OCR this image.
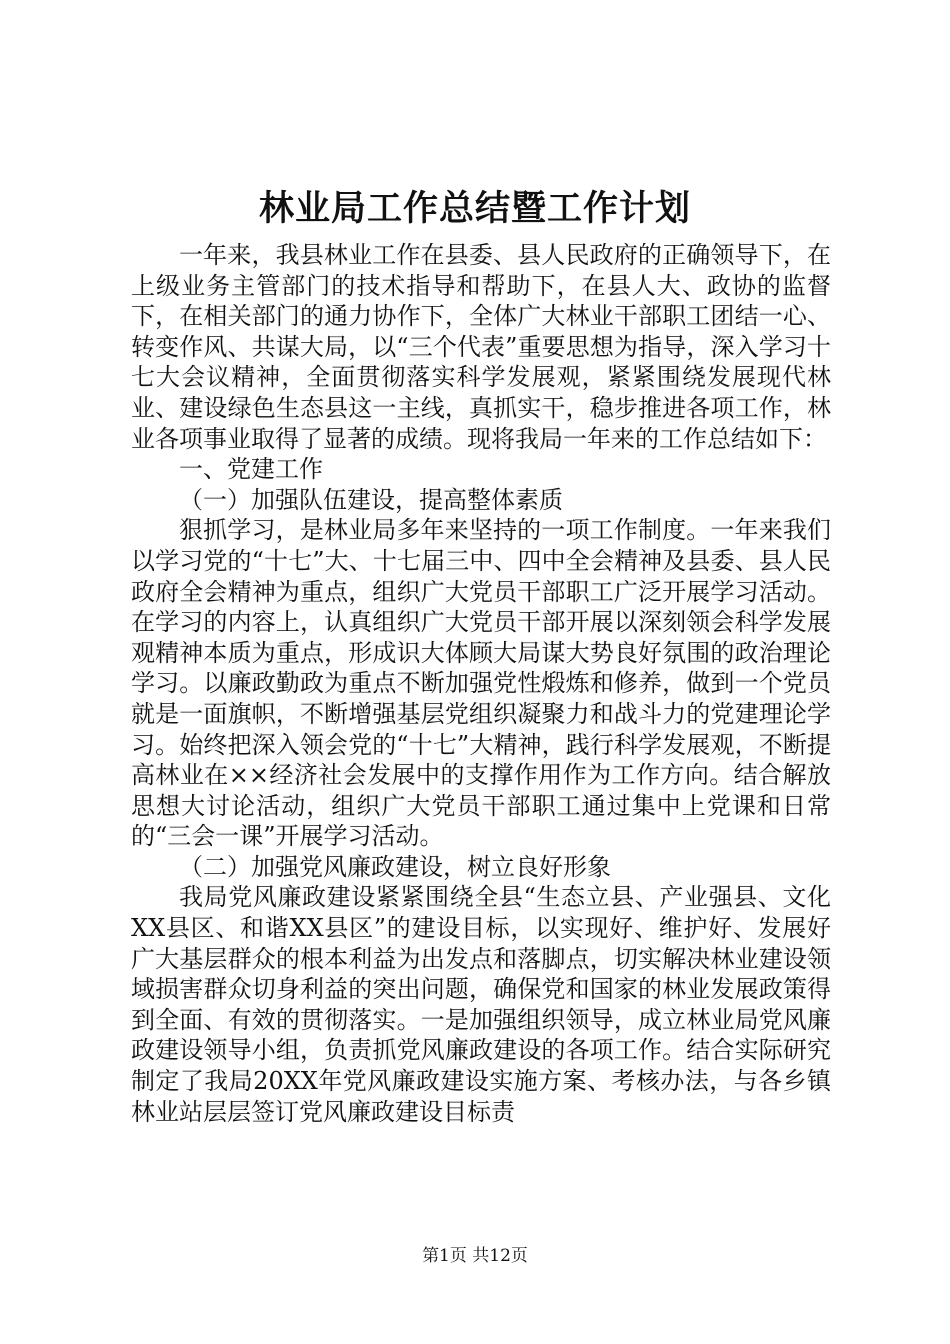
林业局工作总结暨工作计划

一年来，我县林业工作在县委、县人民政府的正确领导下，在上级业务主管部门的技术指导和帮助下，在县人大、政协的监督下，在相关部门的通力协作下，全体广大林业干部职工团结一心、转变作风、共谋大局，以“三个代表”重要思想为指导，深入学习十七大会议精神，全面贯彻落实科学发展观，紧紧围绕发展现代林业、建设绿色生态县这一主线，真抓实干，稳步推进各项工作，林业各项事业取得了显著的成绩。现将我局一年来的工作总结如下：

一、党建工作

（一）加强队伍建设，提高整体素质

狠抓学习，是林业局多年来坚持的一项工作制度。一年来我们以学习党的“十七”大、十七届三中、四中全会精神及县委、县人民政府全会精神为重点，组织广大党员干部职工广泛开展学习活动。在学习的内容上，认真组织广大党员干部开展以深刻领会科学发展观精神本质为重点，形成识大体顾大局谋大势良好氛围的政治理论学习。以廉政勤政为重点不断加强党性煅炼和修养，做到一个党员就是一面旗帜，不断增强基层党组织凝聚力和战斗力的党建理论学习。始终把深入领会党的“十七”大精神，践行科学发展观，不断提高林业在××经济社会发展中的支撑作用作为工作方向。结合解放思想大讨论活动，组织广大党员干部职工通过集中上党课和日常的“三会一课”开展学习活动。

（二）加强党风廉政建设，树立良好形象

我局党风廉政建设紧紧围绕全县“生态立县、产业强县、文化XX县区、和谐XX县区”的建设目标，以实现好、维护好、发展好广大基层群众的根本利益为出发点和落脚点，切实解决林业建设领域损害群众切身利益的突出问题，确保党和国家的林业发展政策得到全面、有效的贯彻落实。一是加强组织领导，成立林业局党风廉政建设领导小组，负责抓党风廉政建设的各项工作。结合实际研究制定了我局20XX年党风廉政建设实施方案、考核办法，与各乡镇林业站层层签订党风廉政建设目标责

第1页 共12页
